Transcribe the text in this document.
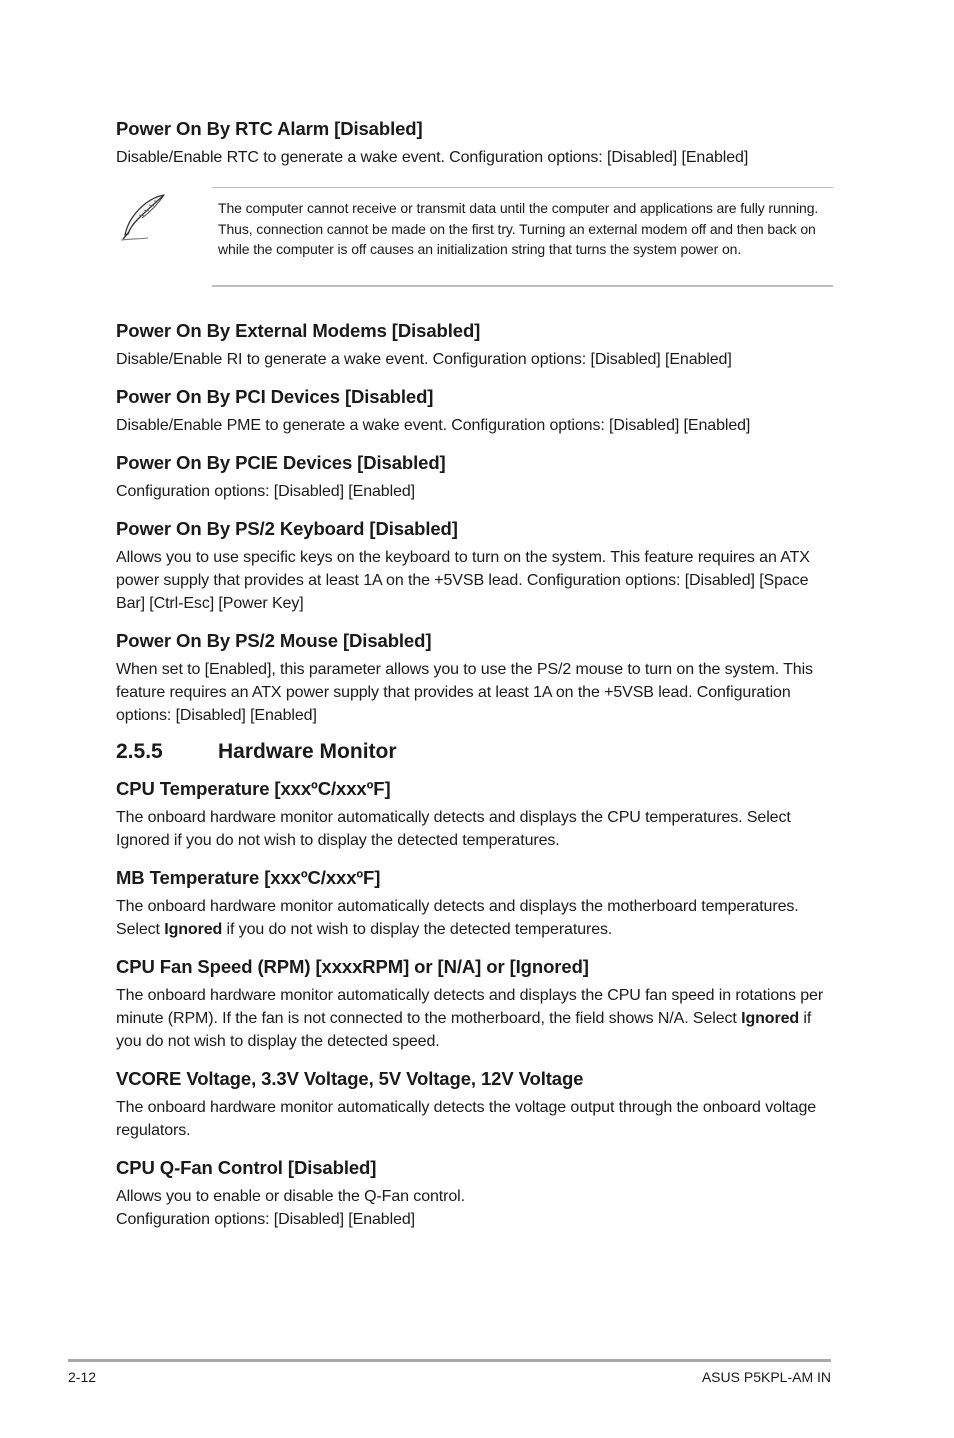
Power On By RTC Alarm [Disabled]

Disable/Enable RTC to generate a wake event. Configuration options: [Disabled] [Enabled]

The computer cannot receive or transmit data until the computer and applications are fully running. Thus, connection cannot be made on the first try. Turning an external modem off and then back on while the computer is off causes an initialization string that turns the system power on.

Power On By External Modems [Disabled]

Disable/Enable RI to generate a wake event. Configuration options: [Disabled] [Enabled]

Power On By PCI Devices [Disabled]

Disable/Enable PME to generate a wake event. Configuration options: [Disabled] [Enabled]

Power On By PCIE Devices [Disabled]

Configuration options: [Disabled] [Enabled]

Power On By PS/2 Keyboard [Disabled]

Allows you to use specific keys on the keyboard to turn on the system. This feature requires an ATX power supply that provides at least 1A on the +5VSB lead. Configuration options: [Disabled] [Space Bar] [Ctrl-Esc] [Power Key]

Power On By PS/2 Mouse [Disabled]

When set to [Enabled], this parameter allows you to use the PS/2 mouse to turn on the system. This feature requires an ATX power supply that provides at least 1A on the +5VSB lead. Configuration options: [Disabled] [Enabled]

2.5.5	Hardware Monitor

CPU Temperature [xxxºC/xxxºF]

The onboard hardware monitor automatically detects and displays the CPU temperatures. Select Ignored if you do not wish to display the detected temperatures.

MB Temperature [xxxºC/xxxºF]

The onboard hardware monitor automatically detects and displays the motherboard temperatures. Select Ignored if you do not wish to display the detected temperatures.

CPU Fan Speed (RPM) [xxxxRPM] or [N/A] or [Ignored]

The onboard hardware monitor automatically detects and displays the CPU fan speed in rotations per minute (RPM). If the fan is not connected to the motherboard, the field shows N/A. Select Ignored if you do not wish to display the detected speed.

VCORE Voltage, 3.3V Voltage, 5V Voltage, 12V Voltage

The onboard hardware monitor automatically detects the voltage output through the onboard voltage regulators.

CPU Q-Fan Control [Disabled]

Allows you to enable or disable the Q-Fan control.
Configuration options: [Disabled] [Enabled]

2-12	ASUS P5KPL-AM IN
